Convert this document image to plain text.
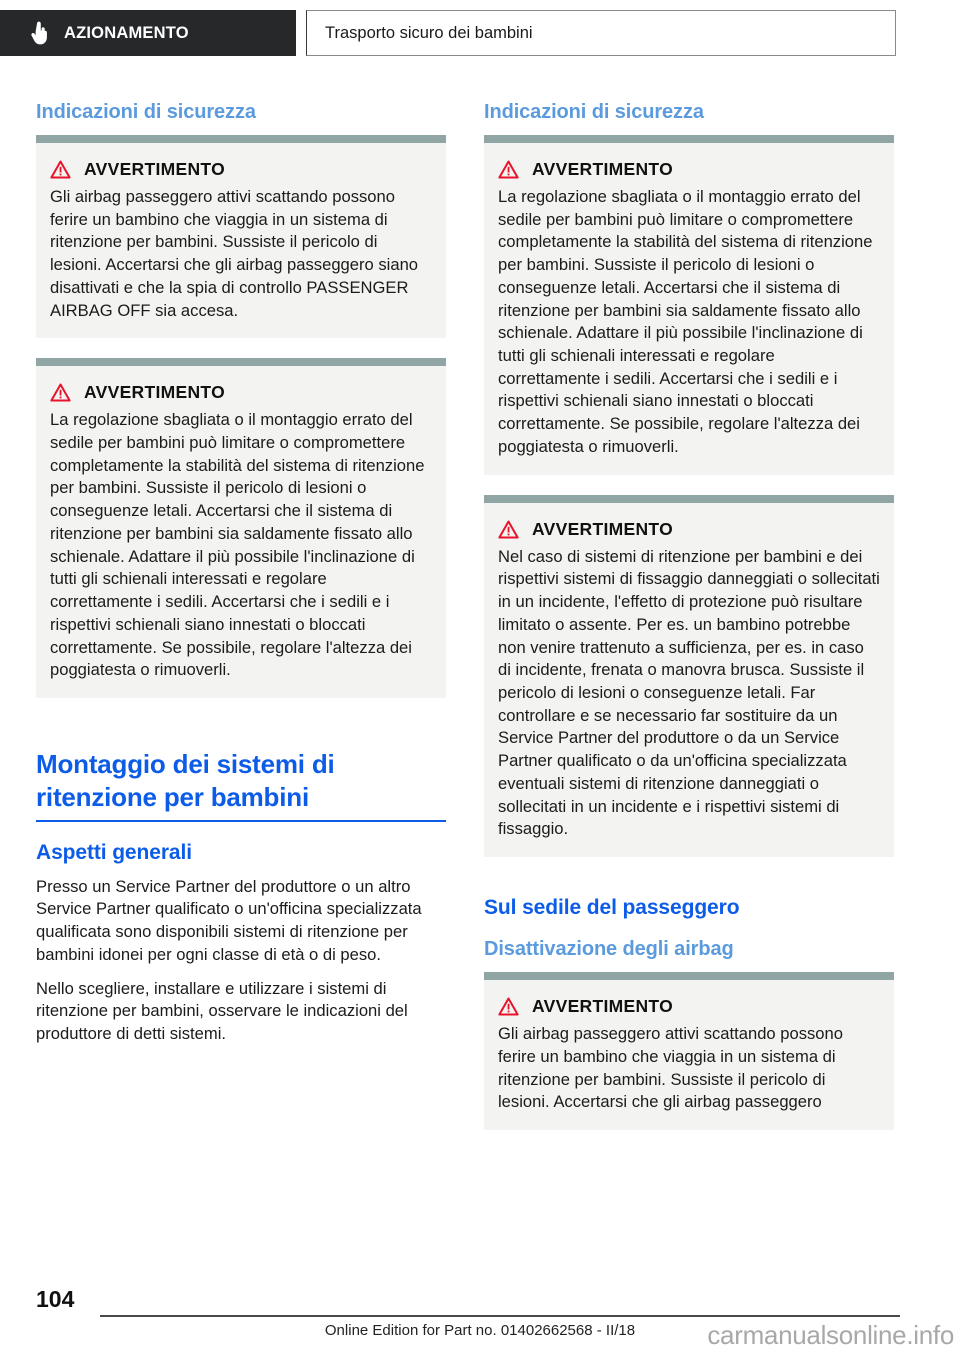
AZIONAMENTO	Trasporto sicuro dei bambini
Indicazioni di sicurezza
AVVERTIMENTO

Gli airbag passeggero attivi scattando possono ferire un bambino che viaggia in un sistema di ritenzione per bambini. Sussiste il pericolo di lesioni. Accertarsi che gli airbag passeggero siano disattivati e che la spia di controllo PASSENGER AIRBAG OFF sia accesa.

AVVERTIMENTO

La regolazione sbagliata o il montaggio errato del sedile per bambini può limitare o compromettere completamente la stabilità del sistema di ritenzione per bambini. Sussiste il pericolo di lesioni o conseguenze letali. Accertarsi che il sistema di ritenzione per bambini sia saldamente fissato allo schienale. Adattare il più possibile l'inclinazione di tutti gli schienali interessati e regolare correttamente i sedili. Accertarsi che i sedili e i rispettivi schienali siano innestati o bloccati correttamente. Se possibile, regolare l'altezza dei poggiatesta o rimuoverli.

Montaggio dei sistemi di ritenzione per bambini
Aspetti generali

Presso un Service Partner del produttore o un altro Service Partner qualificato o un'officina specializzata qualificata sono disponibili sistemi di ritenzione per bambini idonei per ogni classe di età o di peso.

Nello scegliere, installare e utilizzare i sistemi di ritenzione per bambini, osservare le indicazioni del produttore di detti sistemi.

Indicazioni di sicurezza
AVVERTIMENTO

La regolazione sbagliata o il montaggio errato del sedile per bambini può limitare o compromettere completamente la stabilità del sistema di ritenzione per bambini. Sussiste il pericolo di lesioni o conseguenze letali. Accertarsi che il sistema di ritenzione per bambini sia saldamente fissato allo schienale. Adattare il più possibile l'inclinazione di tutti gli schienali interessati e regolare correttamente i sedili. Accertarsi che i sedili e i rispettivi schienali siano innestati o bloccati correttamente. Se possibile, regolare l'altezza dei poggiatesta o rimuoverli.

AVVERTIMENTO

Nel caso di sistemi di ritenzione per bambini e dei rispettivi sistemi di fissaggio danneggiati o sollecitati in un incidente, l'effetto di protezione può risultare limitato o assente. Per es. un bambino potrebbe non venire trattenuto a sufficienza, per es. in caso di incidente, frenata o manovra brusca. Sussiste il pericolo di lesioni o conseguenze letali. Far controllare e se necessario far sostituire da un Service Partner del produttore o da un Service Partner qualificato o da un'officina specializzata eventuali sistemi di ritenzione danneggiati o sollecitati in un incidente e i rispettivi sistemi di fissaggio.

Sul sedile del passeggero
Disattivazione degli airbag
AVVERTIMENTO

Gli airbag passeggero attivi scattando possono ferire un bambino che viaggia in un sistema di ritenzione per bambini. Sussiste il pericolo di lesioni. Accertarsi che gli airbag passeggero

104
Online Edition for Part no. 01402662568 - II/18	carmanualsonline.info
